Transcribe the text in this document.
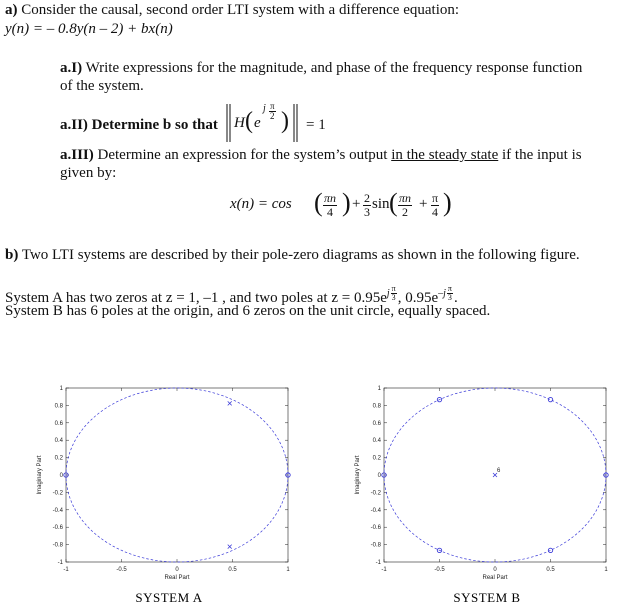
a) Consider the causal, second order LTI system with a difference equation:
y(n) = – 0.8y(n – 2) + bx(n)
a.I) Write expressions for the magnitude, and phase of the frequency response function
of the system.
a.II) Determine b so that H ( e
j $\frac{\pi}{2}$ ) = 1
a.III) Determine an expression for the system’s output in the steady state if the input is
given by:
x(n) = cos ( $\frac{\pi n}{4}$ ) + $\frac{2}{3}$ sin ( $\frac{\pi n}{2} + \frac{\pi}{4}$ )
b) Two LTI systems are described by their pole-zero diagrams as shown in the following figure.
System A has two zeros at z = 1, –1 , and two poles at $z = 0.95e^{j \frac{\pi}{3}}$ , $0.95e^{-j \frac{\pi}{3}}$ .
System B has 6 poles at the origin, and 6 zeros on the unit circle, equally spaced.
1
0.8
0.6
0.4
0.2
0
-0.2
-0.4
-0.6
-0.8
-1
-1	-0.5	0	0.5	1
Real Part
Imaginary Part
SYSTEM A
1
0.8
0.6
0.4
0.2
0
-0.2
-0.4
-0.6
-0.8
-1
-1	-0.5	0	0.5	1
Real Part
Imaginary Part	6
SYSTEM B
